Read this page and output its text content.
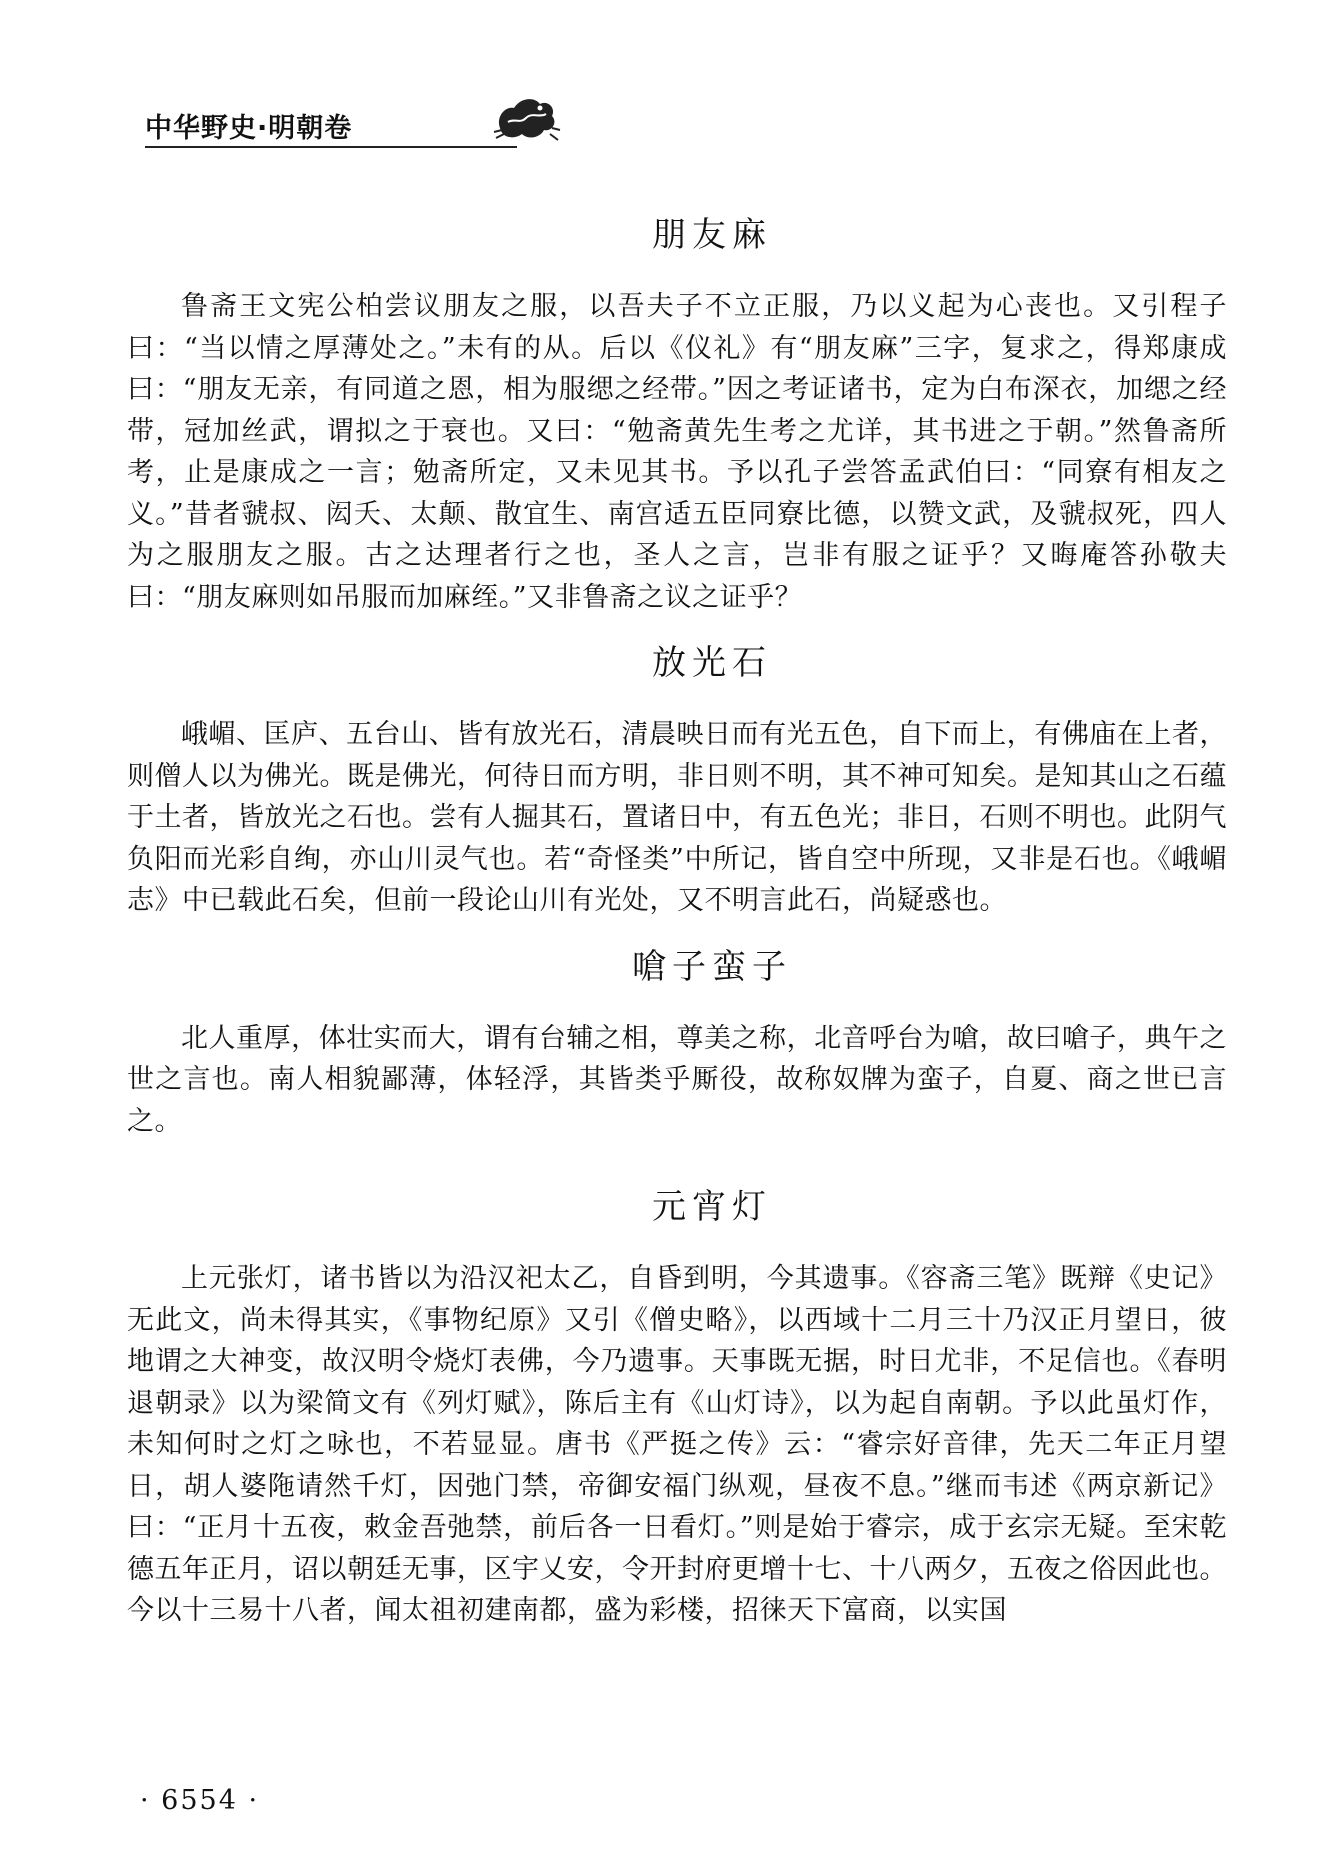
中华野史·明朝卷
朋友麻

鲁斋王文宪公柏尝议朋友之服，以吾夫子不立正服，乃以义起为心丧也。又引程子曰：“当以情之厚薄处之。”未有的从。后以《仪礼》有“朋友麻”三字，复求之，得郑康成曰：“朋友无亲，有同道之恩，相为服缌之经带。”因之考证诸书，定为白布深衣，加缌之经带，冠加丝武，谓拟之于衰也。又曰：“勉斋黄先生考之尤详，其书进之于朝。”然鲁斋所考，止是康成之一言；勉斋所定，又未见其书。予以孔子尝答孟武伯曰：“同寮有相友之义。”昔者虢叔、闳夭、太颠、散宜生、南宫适五臣同寮比德，以赞文武，及虢叔死，四人为之服朋友之服。古之达理者行之也，圣人之言，岂非有服之证乎？又晦庵答孙敬夫曰：“朋友麻则如吊服而加麻绖。”又非鲁斋之议之证乎？

放光石

峨嵋、匡庐、五台山、皆有放光石，清晨映日而有光五色，自下而上，有佛庙在上者，则僧人以为佛光。既是佛光，何待日而方明，非日则不明，其不神可知矣。是知其山之石蕴于土者，皆放光之石也。尝有人掘其石，置诸日中，有五色光；非日，石则不明也。此阴气负阳而光彩自绚，亦山川灵气也。若“奇怪类”中所记，皆自空中所现，又非是石也。《峨嵋志》中已载此石矣，但前一段论山川有光处，又不明言此石，尚疑惑也。

嗆子蛮子

北人重厚，体壮实而大，谓有台辅之相，尊美之称，北音呼台为嗆，故曰嗆子，典午之世之言也。南人相貌鄙薄，体轻浮，其皆类乎厮役，故称奴牌为蛮子，自夏、商之世已言之。

元宵灯

上元张灯，诸书皆以为沿汉祀太乙，自昏到明，今其遗事。《容斋三笔》既辩《史记》无此文，尚未得其实，《事物纪原》又引《僧史略》，以西域十二月三十乃汉正月望日，彼地谓之大神变，故汉明令烧灯表佛，今乃遗事。天事既无据，时日尤非，不足信也。《春明退朝录》以为梁简文有《列灯赋》，陈后主有《山灯诗》，以为起自南朝。予以此虽灯作，未知何时之灯之咏也，不若显显。唐书《严挺之传》云：“睿宗好音律，先天二年正月望日，胡人婆陁请然千灯，因弛门禁，帝御安福门纵观，昼夜不息。”继而韦述《两京新记》曰：“正月十五夜，敕金吾弛禁，前后各一日看灯。”则是始于睿宗，成于玄宗无疑。至宋乾德五年正月，诏以朝廷无事，区宇乂安，令开封府更增十七、十八两夕，五夜之俗因此也。今以十三易十八者，闻太祖初建南都，盛为彩楼，招徕天下富商，以实国

· 6554 ·
